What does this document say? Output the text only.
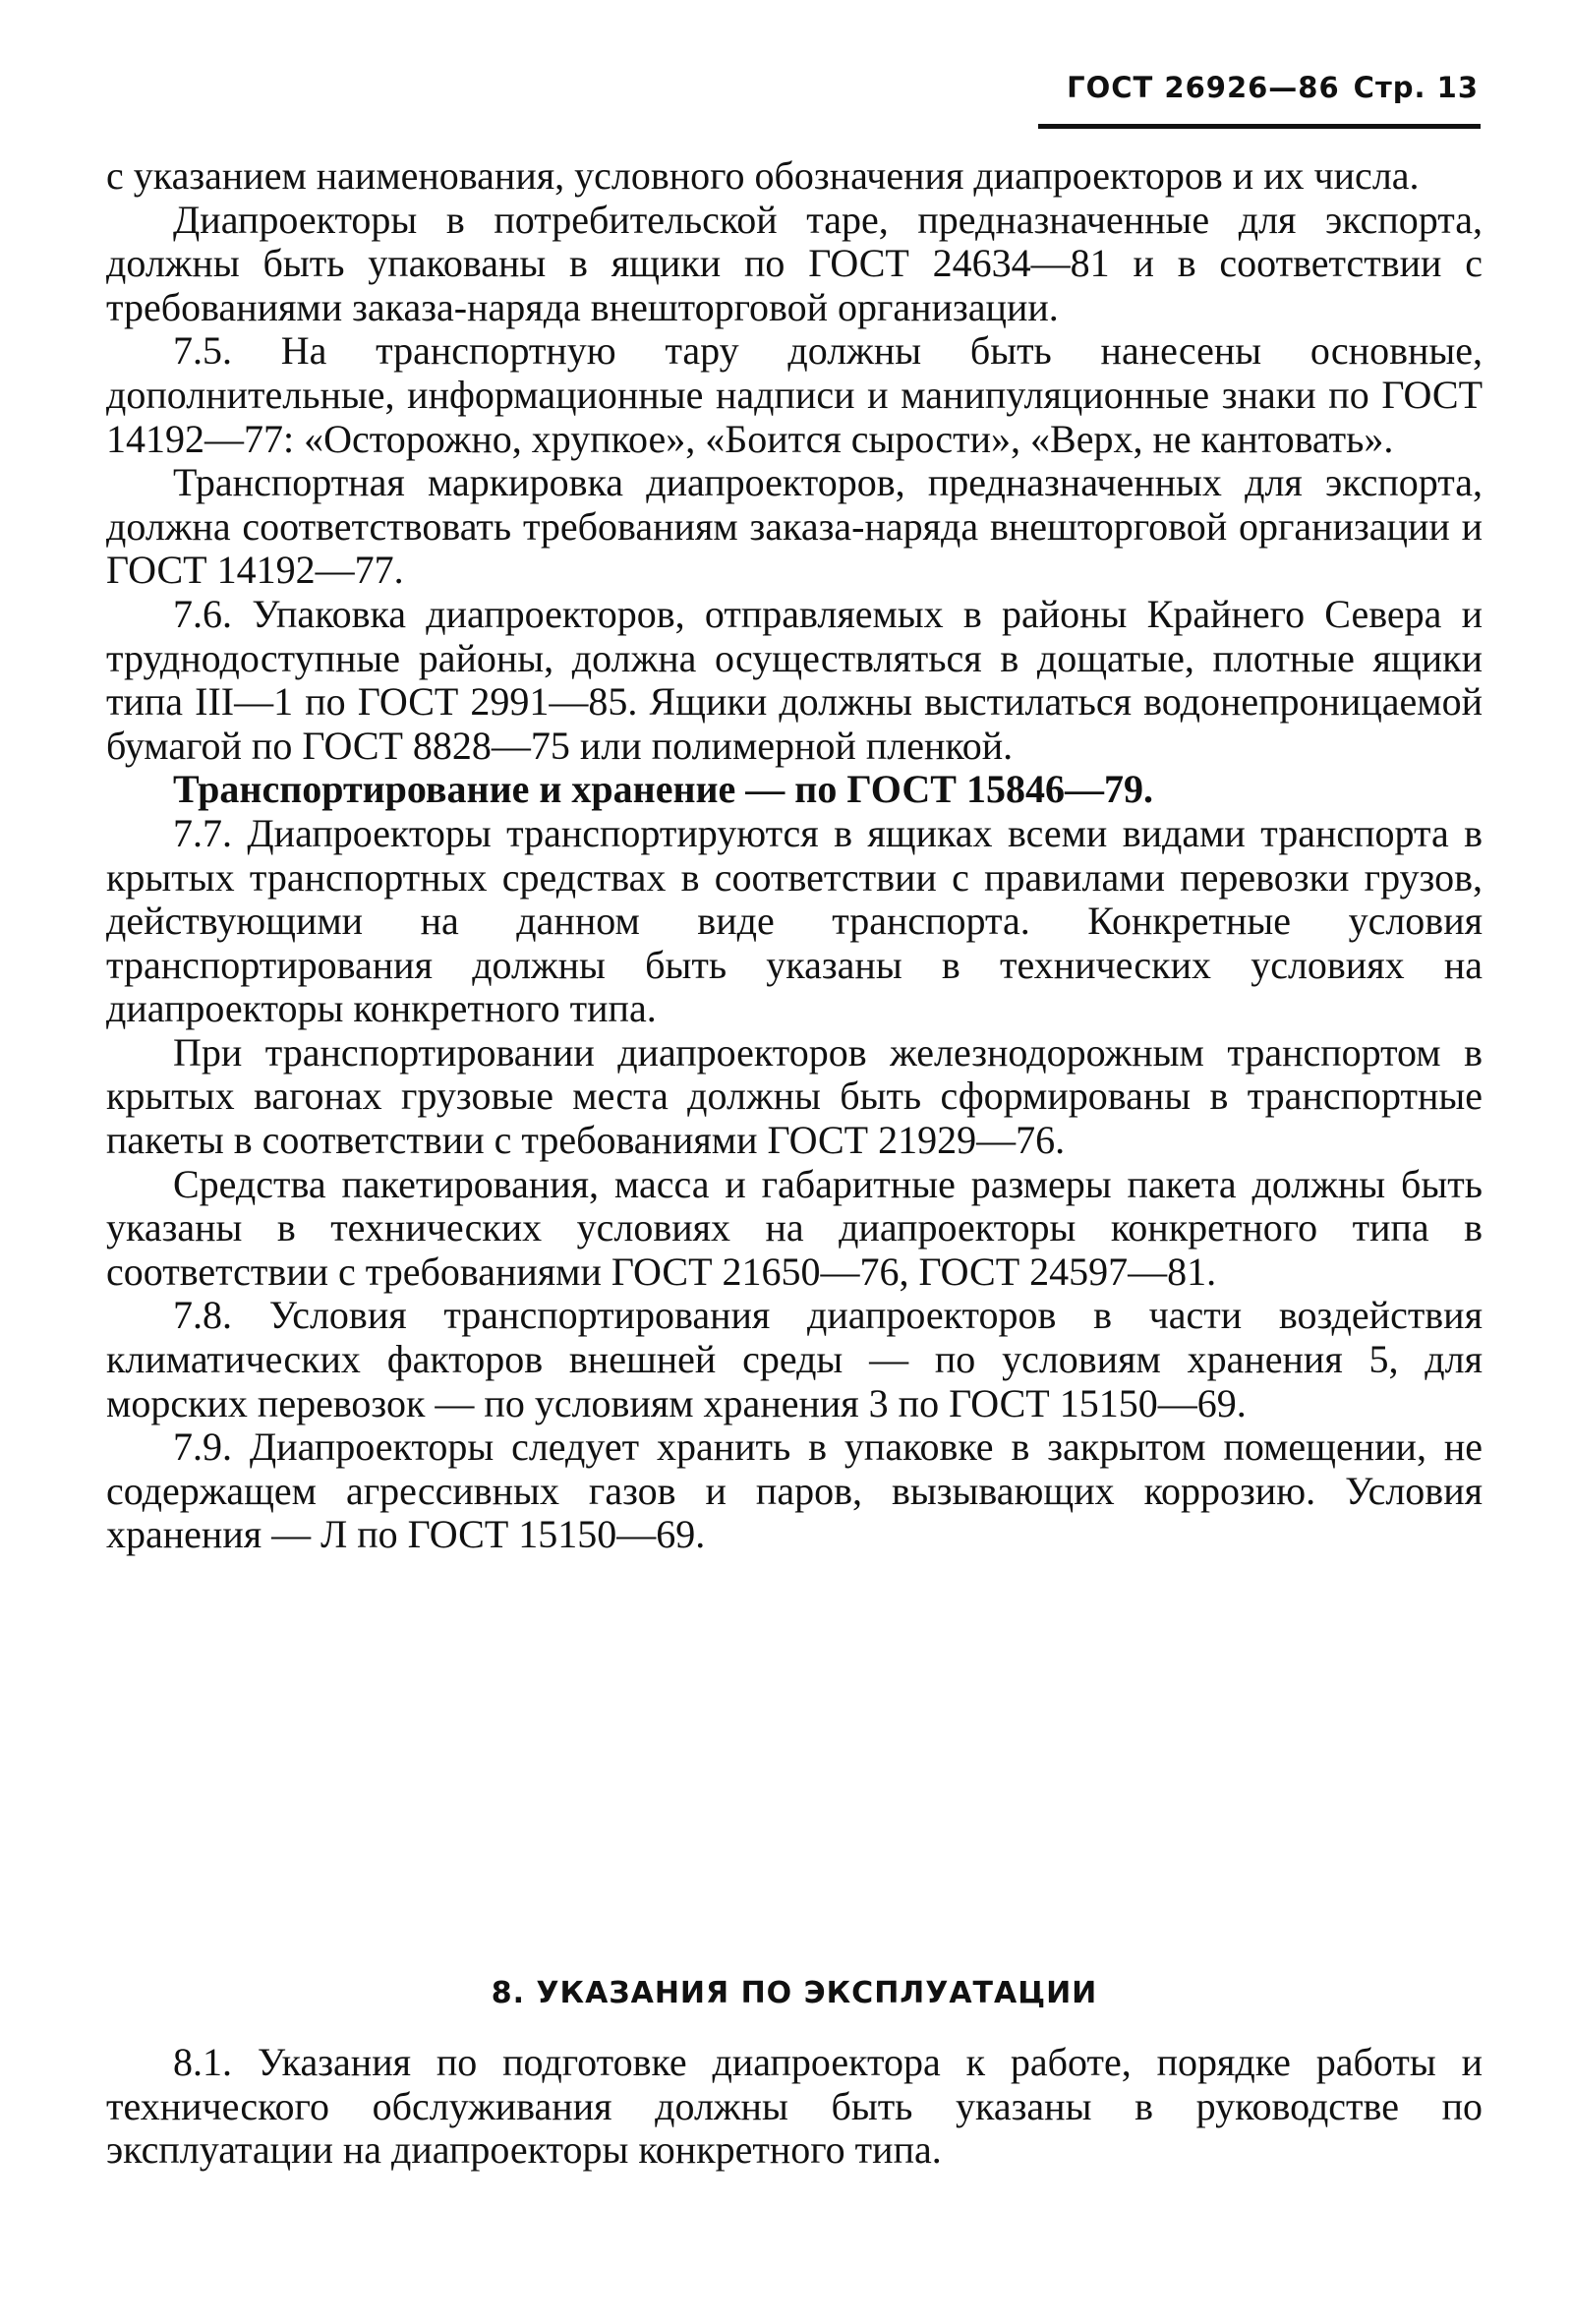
ГОСТ 26926—86 Стр. 13

с указанием наименования, условного обозначения диапроекторов и их числа.

Диапроекторы в потребительской таре, предназначенные для экспорта, должны быть упакованы в ящики по ГОСТ 24634—81 и в соответствии с требованиями заказа-наряда внешторговой организации.

7.5. На транспортную тару должны быть нанесены основные, дополнительные, информационные надписи и манипуляционные знаки по ГОСТ 14192—77: «Осторожно, хрупкое», «Боится сырости», «Верх, не кантовать».

Транспортная маркировка диапроекторов, предназначенных для экспорта, должна соответствовать требованиям заказа-наряда внешторговой организации и ГОСТ 14192—77.

7.6. Упаковка диапроекторов, отправляемых в районы Крайнего Севера и труднодоступные районы, должна осуществляться в дощатые, плотные ящики типа III—1 по ГОСТ 2991—85. Ящики должны выстилаться водонепроницаемой бумагой по ГОСТ 8828—75 или полимерной пленкой.

Транспортирование и хранение — по ГОСТ 15846—79.

7.7. Диапроекторы транспортируются в ящиках всеми видами транспорта в крытых транспортных средствах в соответствии с правилами перевозки грузов, действующими на данном виде транспорта. Конкретные условия транспортирования должны быть указаны в технических условиях на диапроекторы конкретного типа.

При транспортировании диапроекторов железнодорожным транспортом в крытых вагонах грузовые места должны быть сформированы в транспортные пакеты в соответствии с требованиями ГОСТ 21929—76.

Средства пакетирования, масса и габаритные размеры пакета должны быть указаны в технических условиях на диапроекторы конкретного типа в соответствии с требованиями ГОСТ 21650—76, ГОСТ 24597—81.

7.8. Условия транспортирования диапроекторов в части воздействия климатических факторов внешней среды — по условиям хранения 5, для морских перевозок — по условиям хранения 3 по ГОСТ 15150—69.

7.9. Диапроекторы следует хранить в упаковке в закрытом помещении, не содержащем агрессивных газов и паров, вызывающих коррозию. Условия хранения — Л по ГОСТ 15150—69.

8. УКАЗАНИЯ ПО ЭКСПЛУАТАЦИИ

8.1. Указания по подготовке диапроектора к работе, порядке работы и технического обслуживания должны быть указаны в руководстве по эксплуатации на диапроекторы конкретного типа.
